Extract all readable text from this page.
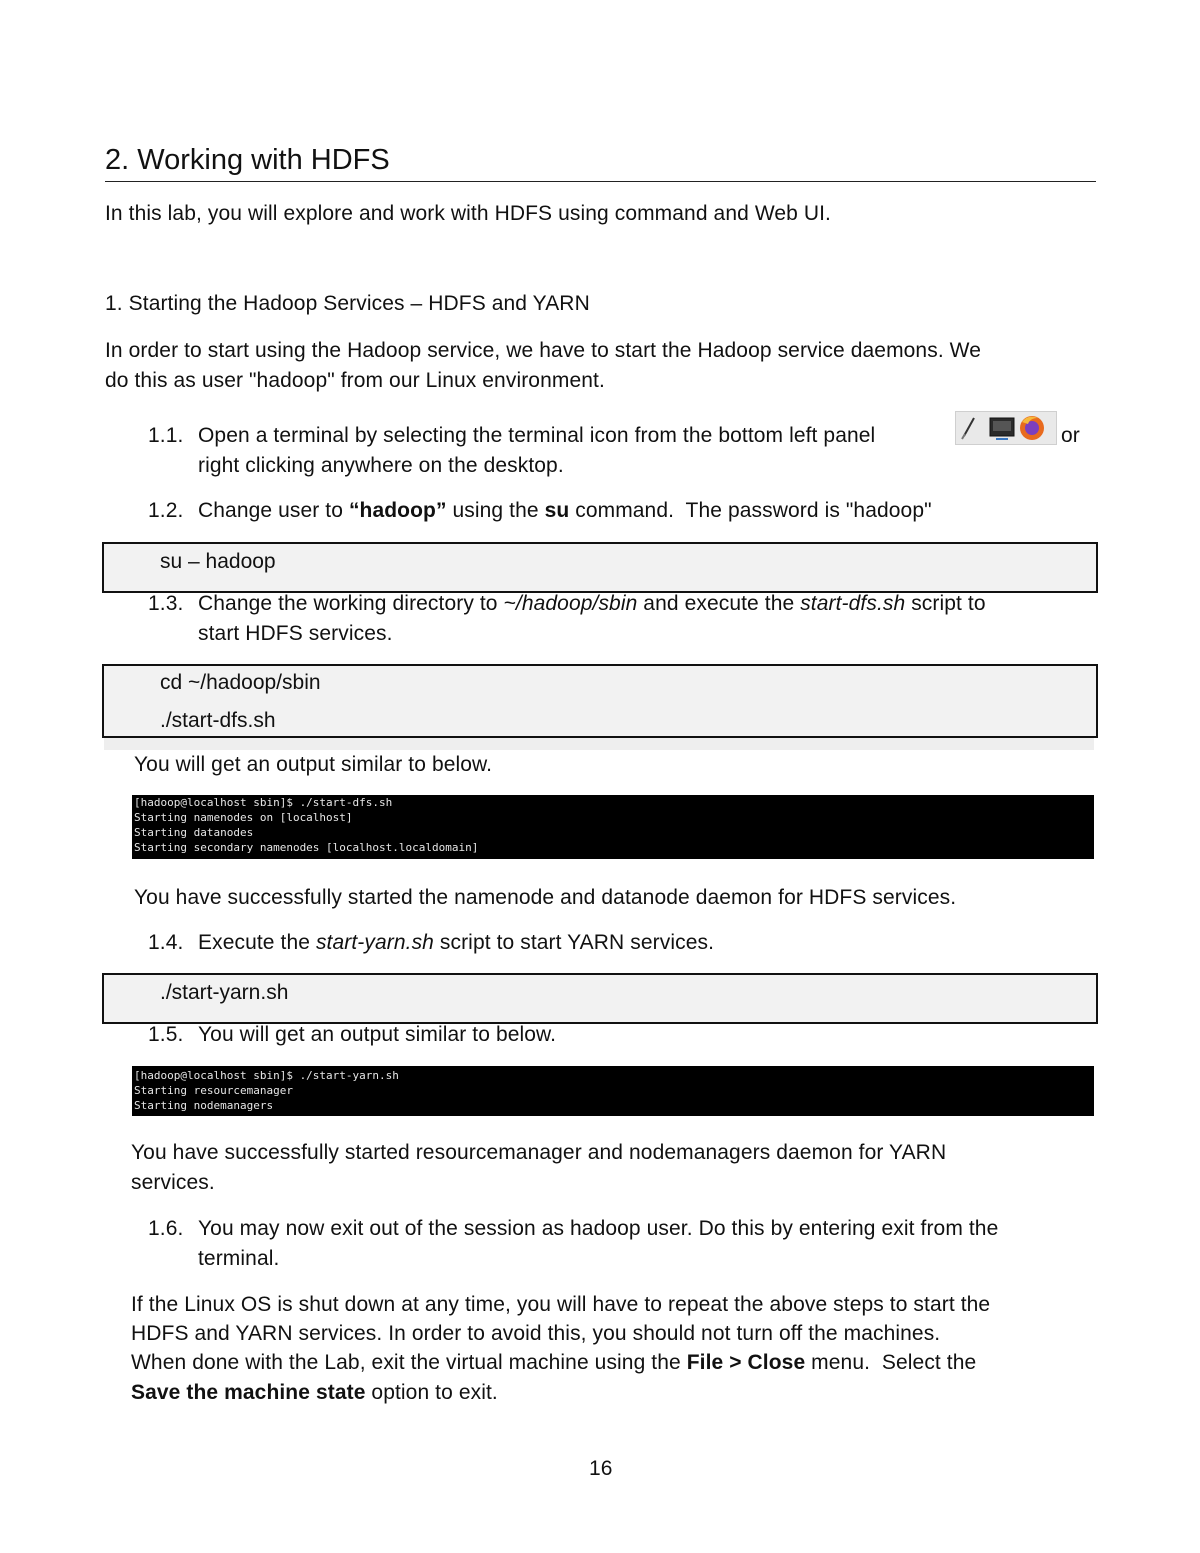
2. Working with HDFS
In this lab, you will explore and work with HDFS using command and Web UI.
1. Starting the Hadoop Services – HDFS and YARN
In order to start using the Hadoop service, we have to start the Hadoop service daemons. We
do this as user "hadoop" from our Linux environment.
1.1. Open a terminal by selecting the terminal icon from the bottom left panel	or
right clicking anywhere on the desktop.
1.2. Change user to “hadoop” using the su command.  The password is "hadoop"
su – hadoop
1.3. Change the working directory to ~/hadoop/sbin and execute the start-dfs.sh script to
start HDFS services.
cd ~/hadoop/sbin
./start-dfs.sh
You will get an output similar to below.
[hadoop@localhost sbin]$ ./start-dfs.sh
Starting namenodes on [localhost]
Starting datanodes
Starting secondary namenodes [localhost.localdomain]
You have successfully started the namenode and datanode daemon for HDFS services.
1.4. Execute the start-yarn.sh script to start YARN services.
./start-yarn.sh
1.5. You will get an output similar to below.
[hadoop@localhost sbin]$ ./start-yarn.sh
Starting resourcemanager
Starting nodemanagers
You have successfully started resourcemanager and nodemanagers daemon for YARN
services.
1.6. You may now exit out of the session as hadoop user. Do this by entering exit from the
terminal.
If the Linux OS is shut down at any time, you will have to repeat the above steps to start the
HDFS and YARN services. In order to avoid this, you should not turn off the machines.
When done with the Lab, exit the virtual machine using the File > Close menu.  Select the
Save the machine state option to exit.
16
